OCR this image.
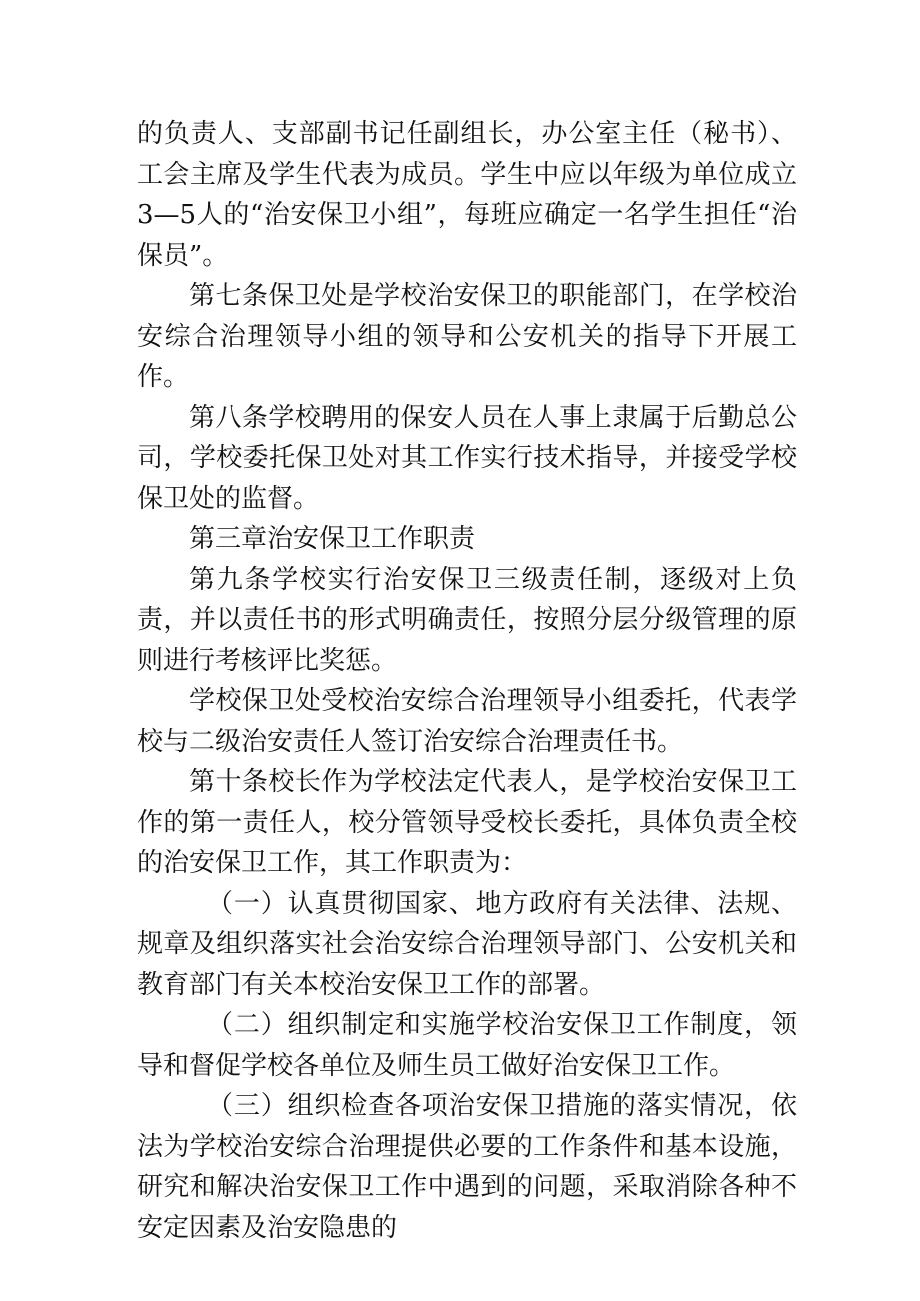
的负责人、支部副书记任副组长，办公室主任（秘书）、工会主席及学生代表为成员。学生中应以年级为单位成立3—5人的“治安保卫小组”，每班应确定一名学生担任“治保员”。

第七条保卫处是学校治安保卫的职能部门，在学校治安综合治理领导小组的领导和公安机关的指导下开展工作。

第八条学校聘用的保安人员在人事上隶属于后勤总公司，学校委托保卫处对其工作实行技术指导，并接受学校保卫处的监督。

第三章治安保卫工作职责

第九条学校实行治安保卫三级责任制，逐级对上负责，并以责任书的形式明确责任，按照分层分级管理的原则进行考核评比奖惩。

学校保卫处受校治安综合治理领导小组委托，代表学校与二级治安责任人签订治安综合治理责任书。

第十条校长作为学校法定代表人，是学校治安保卫工作的第一责任人，校分管领导受校长委托，具体负责全校的治安保卫工作，其工作职责为：

（一）认真贯彻国家、地方政府有关法律、法规、规章及组织落实社会治安综合治理领导部门、公安机关和教育部门有关本校治安保卫工作的部署。

（二）组织制定和实施学校治安保卫工作制度，领导和督促学校各单位及师生员工做好治安保卫工作。

（三）组织检查各项治安保卫措施的落实情况，依法为学校治安综合治理提供必要的工作条件和基本设施，研究和解决治安保卫工作中遇到的问题，采取消除各种不安定因素及治安隐患的
